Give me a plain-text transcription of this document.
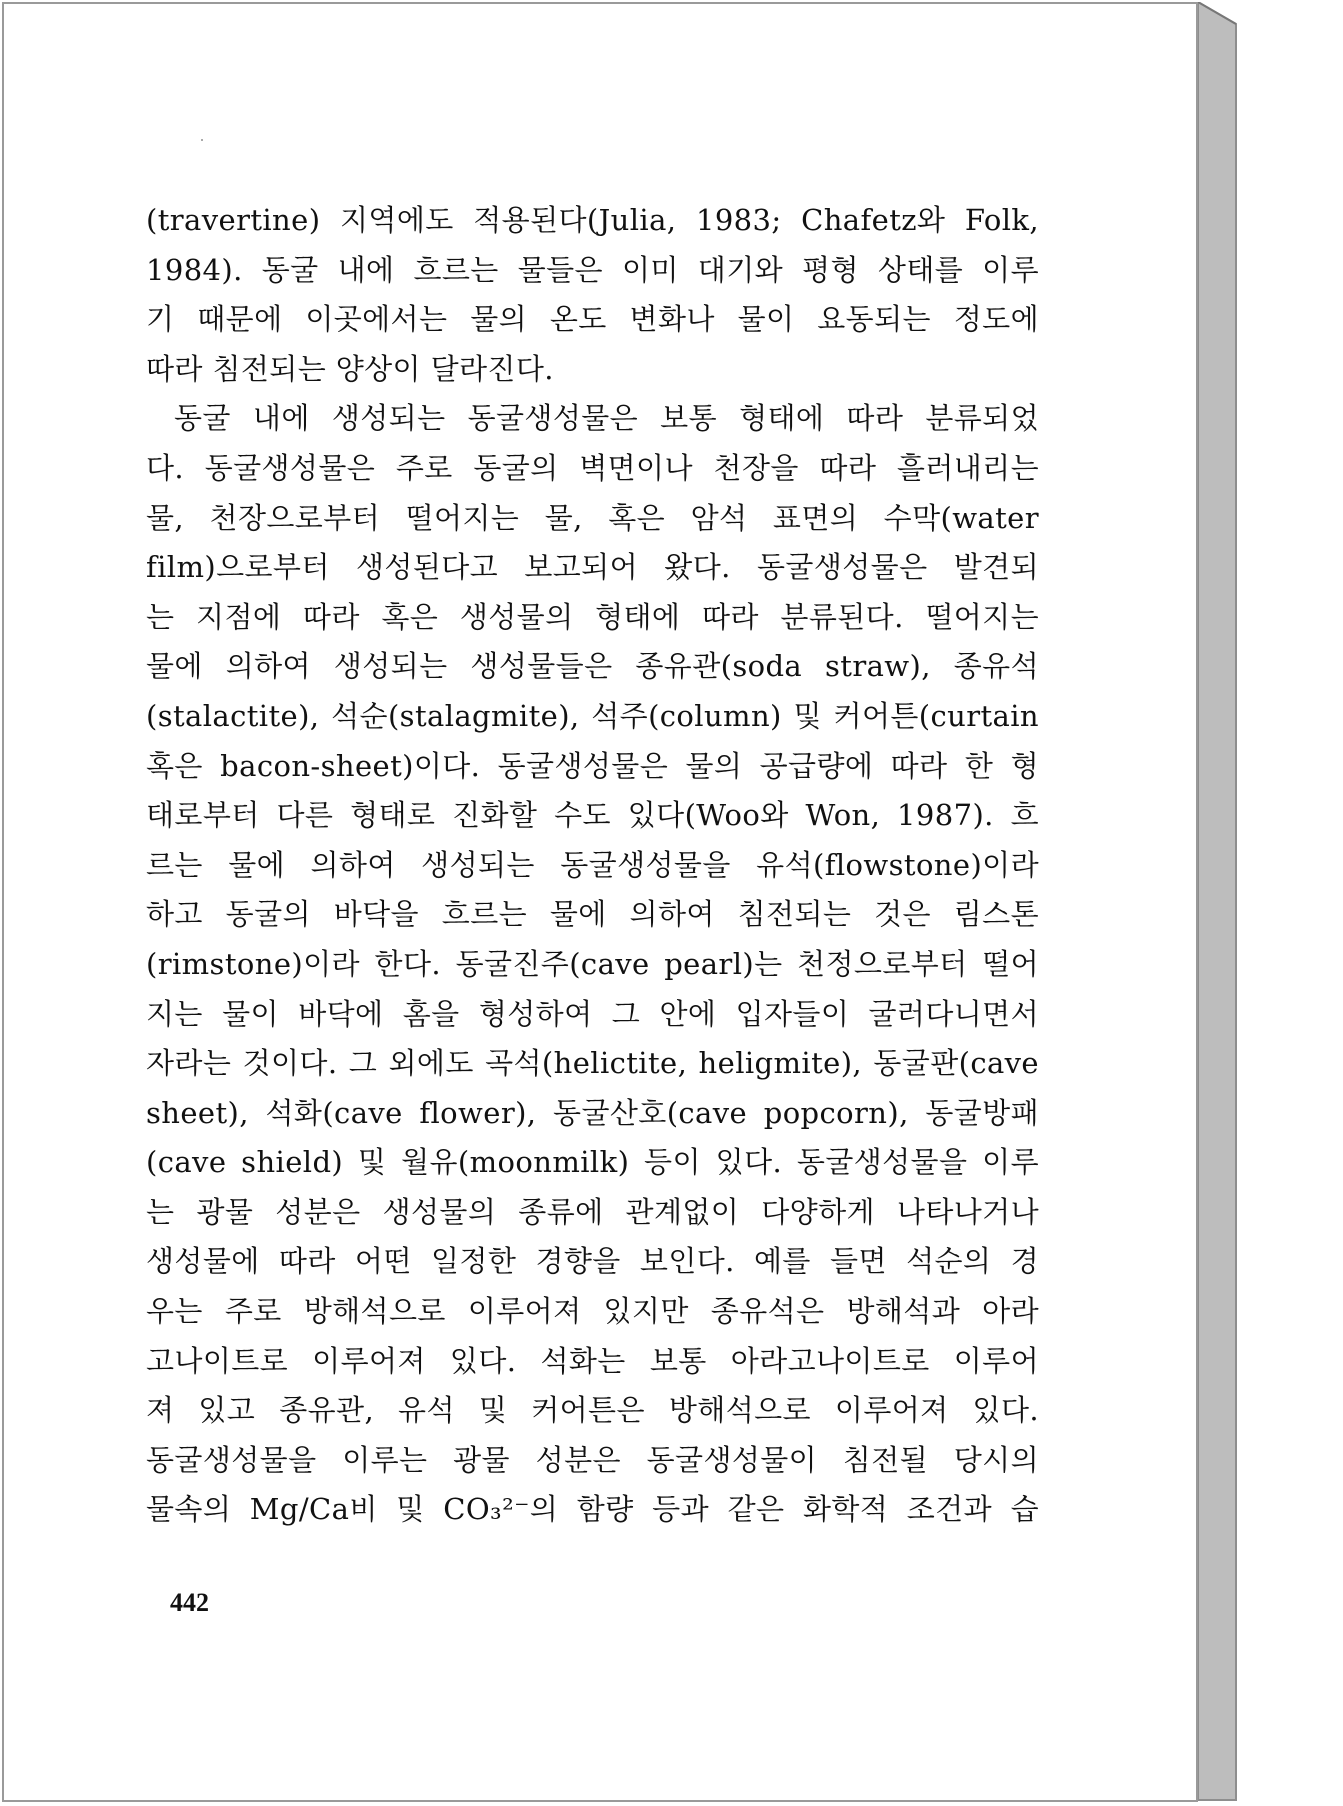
(travertine) 지역에도 적용된다(Julia, 1983; Chafetz와 Folk,
1984). 동굴 내에 흐르는 물들은 이미 대기와 평형 상태를 이루
기 때문에 이곳에서는 물의 온도 변화나 물이 요동되는 정도에
따라 침전되는 양상이 달라진다.
동굴 내에 생성되는 동굴생성물은 보통 형태에 따라 분류되었
다. 동굴생성물은 주로 동굴의 벽면이나 천장을 따라 흘러내리는
물, 천장으로부터 떨어지는 물, 혹은 암석 표면의 수막(water
film)으로부터 생성된다고 보고되어 왔다. 동굴생성물은 발견되
는 지점에 따라 혹은 생성물의 형태에 따라 분류된다. 떨어지는
물에 의하여 생성되는 생성물들은 종유관(soda straw), 종유석
(stalactite), 석순(stalagmite), 석주(column) 및 커어튼(curtain
혹은 bacon-sheet)이다. 동굴생성물은 물의 공급량에 따라 한 형
태로부터 다른 형태로 진화할 수도 있다(Woo와 Won, 1987). 흐
르는 물에 의하여 생성되는 동굴생성물을 유석(flowstone)이라
하고 동굴의 바닥을 흐르는 물에 의하여 침전되는 것은 림스톤
(rimstone)이라 한다. 동굴진주(cave pearl)는 천정으로부터 떨어
지는 물이 바닥에 홈을 형성하여 그 안에 입자들이 굴러다니면서
자라는 것이다. 그 외에도 곡석(helictite, heligmite), 동굴판(cave
sheet), 석화(cave flower), 동굴산호(cave popcorn), 동굴방패
(cave shield) 및 월유(moonmilk) 등이 있다. 동굴생성물을 이루
는 광물 성분은 생성물의 종류에 관계없이 다양하게 나타나거나
생성물에 따라 어떤 일정한 경향을 보인다. 예를 들면 석순의 경
우는 주로 방해석으로 이루어져 있지만 종유석은 방해석과 아라
고나이트로 이루어져 있다. 석화는 보통 아라고나이트로 이루어
져 있고 종유관, 유석 및 커어튼은 방해석으로 이루어져 있다.
동굴생성물을 이루는 광물 성분은 동굴생성물이 침전될 당시의
물속의 Mg/Ca비 및 CO₃²⁻의 함량 등과 같은 화학적 조건과 습
442
